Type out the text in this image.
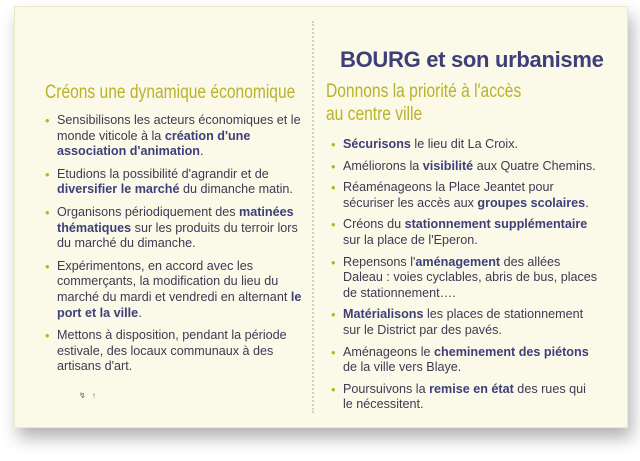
BOURG et son urbanisme
Créons une dynamique économique
• Sensibilisons les acteurs économiques et le monde viticole à la création d'une association d'animation.
• Etudions la possibilité d'agrandir et de diversifier le marché du dimanche matin.
• Organisons périodiquement des matinées thématiques sur les produits du terroir lors du marché du dimanche.
• Expérimentons, en accord avec les commerçants, la modification du lieu du marché du mardi et vendredi en alternant le port et la ville.
• Mettons à disposition, pendant la période estivale, des locaux communaux à des artisans d'art.
↯ ↑
Donnons la priorité à l'accès
au centre ville
• Sécurisons le lieu dit La Croix.
• Améliorons la visibilité aux Quatre Chemins.
• Réaménageons la Place Jeantet pour sécuriser les accès aux groupes scolaires.
• Créons du stationnement supplémentaire sur la place de l'Eperon.
• Repensons l'aménagement des allées Daleau : voies cyclables, abris de bus, places de stationnement….
• Matérialisons les places de stationnement sur le District par des pavés.
• Aménageons le cheminement des piétons de la ville vers Blaye.
• Poursuivons la remise en état des rues qui le nécessitent.
